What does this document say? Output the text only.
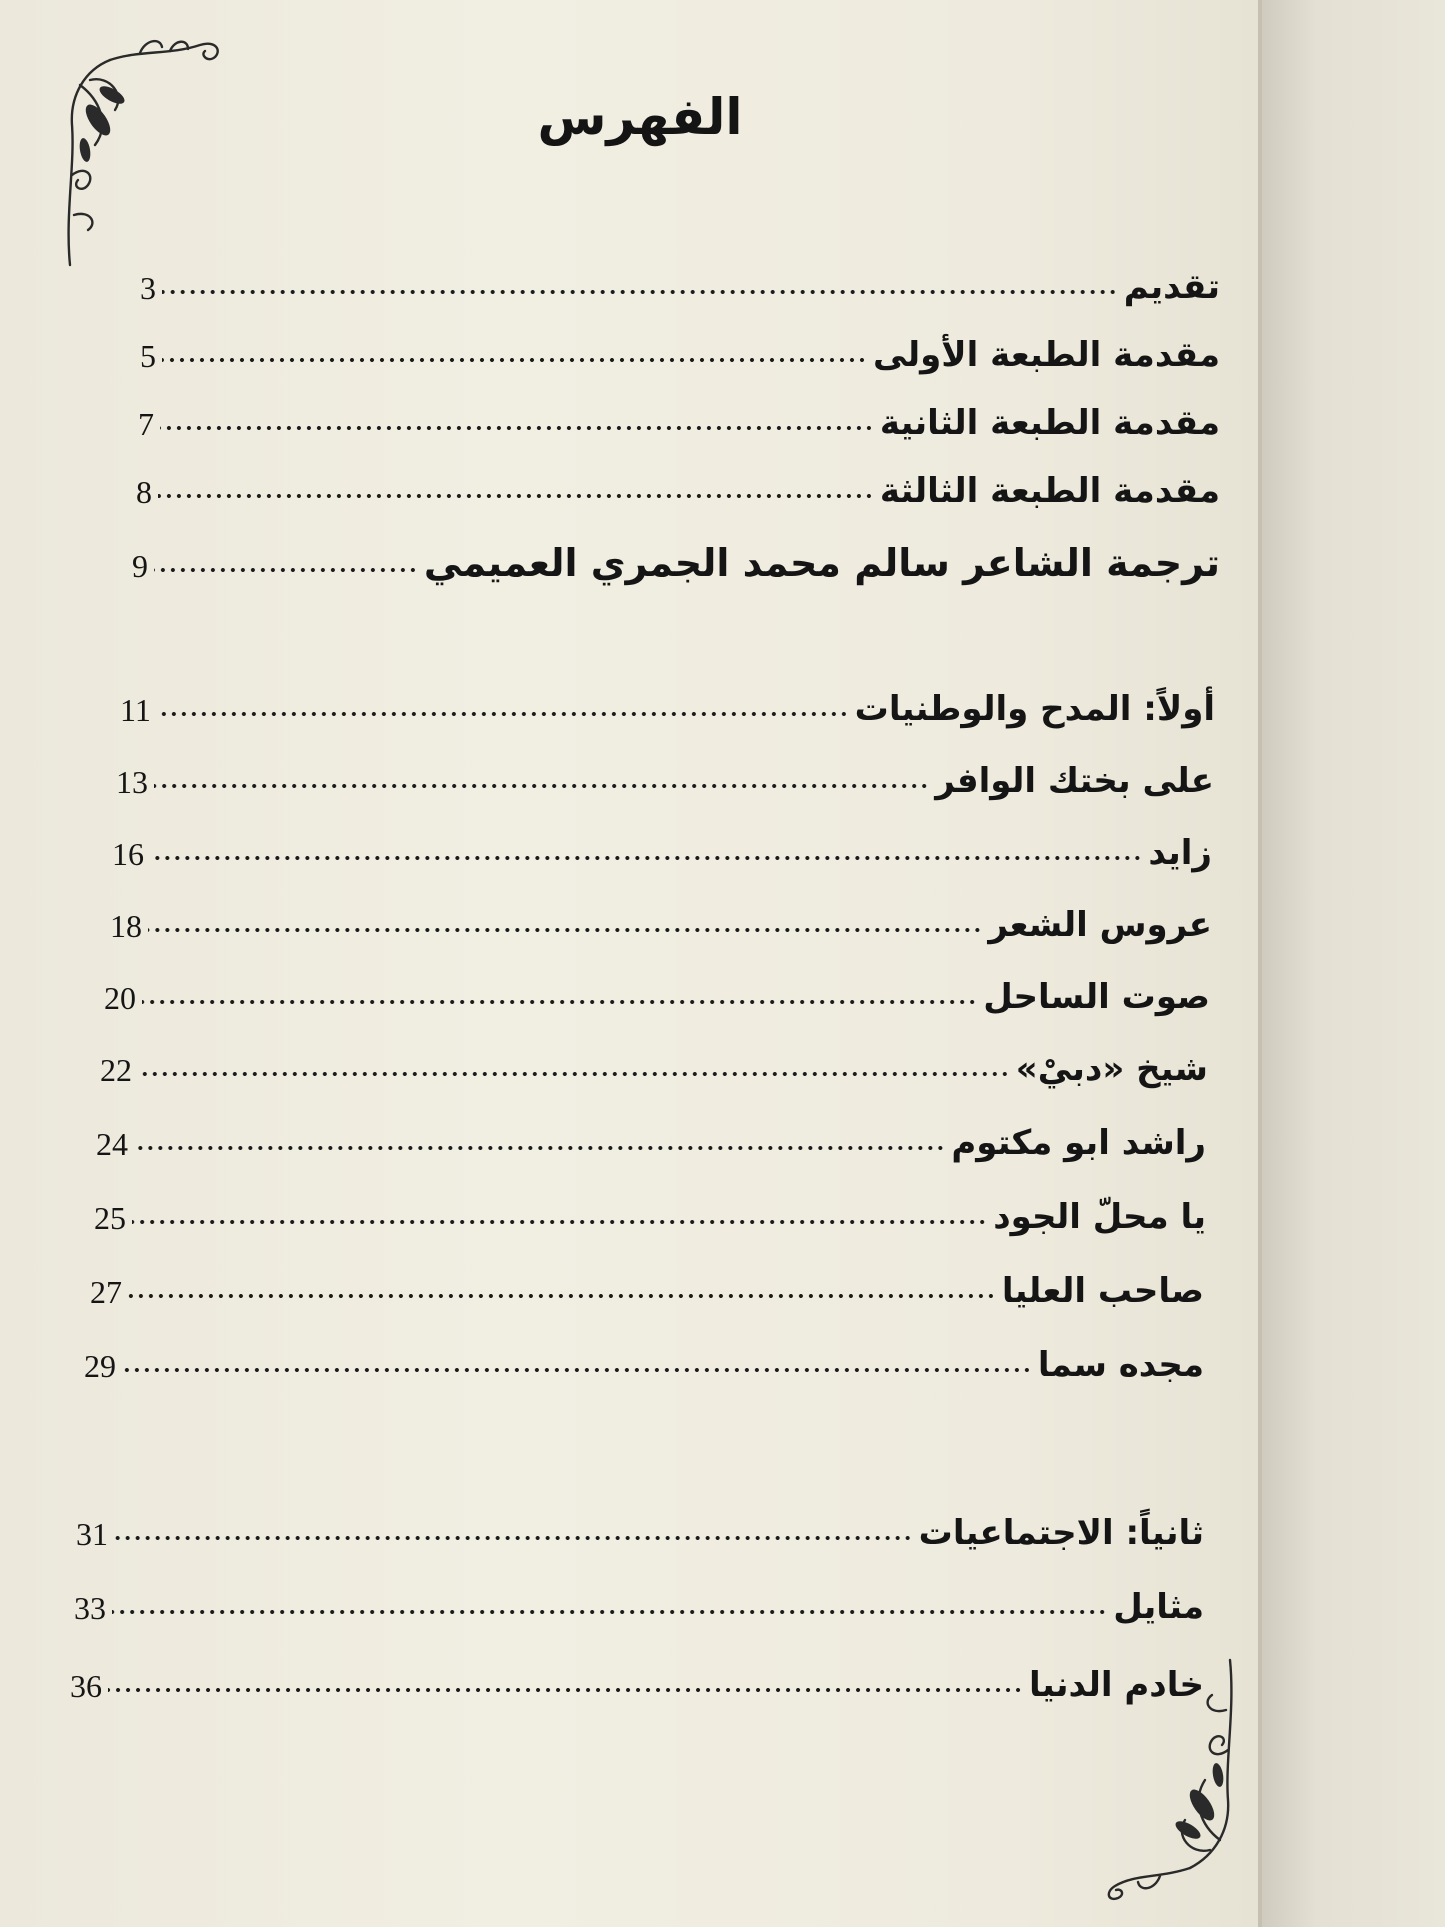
الفهرس
تقديم
3
مقدمة الطبعة الأولى
5
مقدمة الطبعة الثانية
7
مقدمة الطبعة الثالثة
8
ترجمة الشاعر سالم محمد الجمري العميمي
9
أولاً: المدح والوطنيات
11
على بختك الوافر
13
زايد
16
عروس الشعر
18
صوت الساحل
20
شيخ «دبيْ»
22
راشد ابو مكتوم
24
يا محلّ الجود
25
صاحب العليا
27
مجده سما
29
ثانياً: الاجتماعيات
31
مثايل
33
خادم الدنيا
36
